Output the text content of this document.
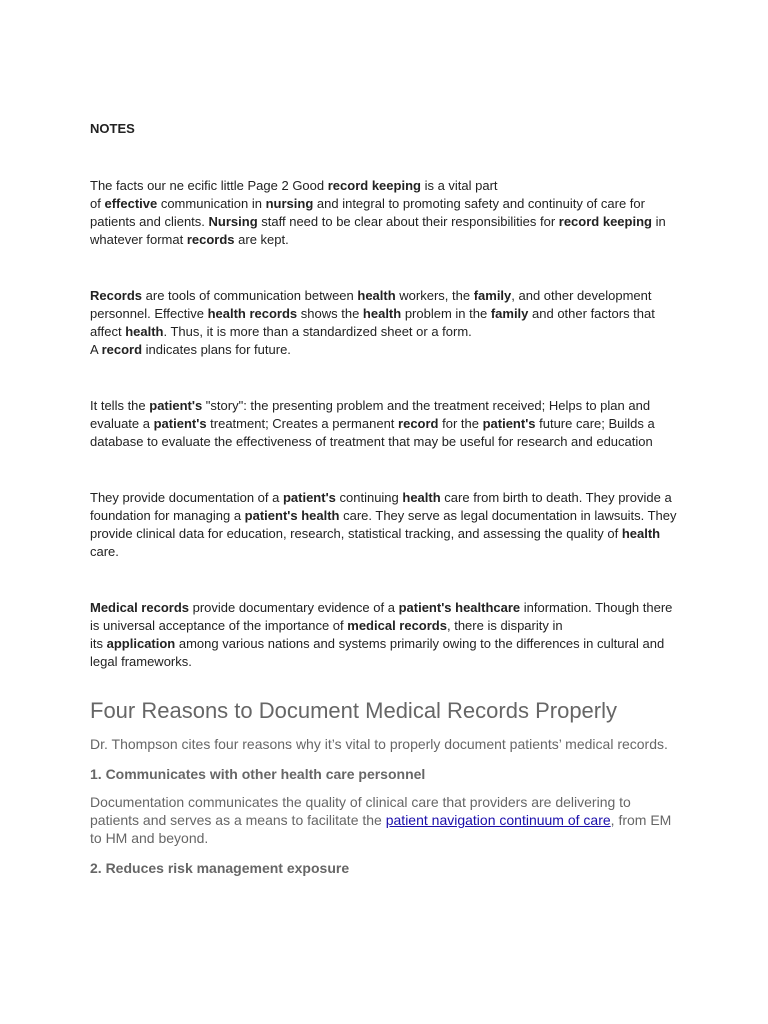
NOTES

The facts our ne ecific little Page 2 Good record keeping is a vital part
of effective communication in nursing and integral to promoting safety and continuity of care for patients and clients. Nursing staff need to be clear about their responsibilities for record keeping in whatever format records are kept.

Records are tools of communication between health workers, the family, and other development personnel. Effective health records shows the health problem in the family and other factors that affect health. Thus, it is more than a standardized sheet or a form.
A record indicates plans for future.

It tells the patient's "story": the presenting problem and the treatment received; Helps to plan and evaluate a patient's treatment; Creates a permanent record for the patient's future care; Builds a database to evaluate the effectiveness of treatment that may be useful for research and education

They provide documentation of a patient's continuing health care from birth to death. They provide a foundation for managing a patient's health care. They serve as legal documentation in lawsuits. They provide clinical data for education, research, statistical tracking, and assessing the quality of health care.

Medical records provide documentary evidence of a patient's healthcare information. Though there is universal acceptance of the importance of medical records, there is disparity in
its application among various nations and systems primarily owing to the differences in cultural and legal frameworks.

Four Reasons to Document Medical Records Properly

Dr. Thompson cites four reasons why it’s vital to properly document patients’ medical records.

1. Communicates with other health care personnel

Documentation communicates the quality of clinical care that providers are delivering to patients and serves as a means to facilitate the patient navigation continuum of care, from EM to HM and beyond.

2. Reduces risk management exposure
